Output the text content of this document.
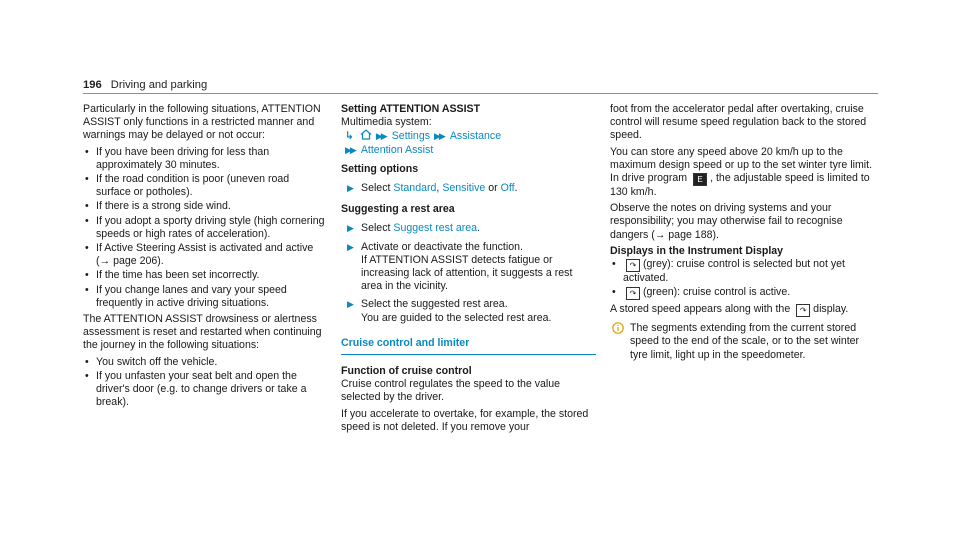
196 Driving and parking

Particularly in the following situations, ATTENTION ASSIST only functions in a restricted manner and warnings may be delayed or not occur:

• If you have been driving for less than approximately 30 minutes.
• If the road condition is poor (uneven road surface or potholes).
• If there is a strong side wind.
• If you adopt a sporty driving style (high cornering speeds or high rates of acceleration).
• If Active Steering Assist is activated and active (→ page 206).
• If the time has been set incorrectly.
• If you change lanes and vary your speed frequently in active driving situations.

The ATTENTION ASSIST drowsiness or alertness assessment is reset and restarted when continuing the journey in the following situations:

• You switch off the vehicle.
• If you unfasten your seat belt and open the driver's door (e.g. to change drivers or take a break).

Setting ATTENTION ASSIST

Multimedia system:

↳ ▶▶ Settings ▶▶ Assistance

▶▶ Attention Assist

Setting options

▶ Select Standard, Sensitive or Off.

Suggesting a rest area

▶ Select Suggest rest area.
▶ Activate or deactivate the function.
If ATTENTION ASSIST detects fatigue or increasing lack of attention, it suggests a rest area in the vicinity.
▶ Select the suggested rest area.
You are guided to the selected rest area.
Cruise control and limiter

Function of cruise control

Cruise control regulates the speed to the value selected by the driver.

If you accelerate to overtake, for example, the stored speed is not deleted. If you remove your

foot from the accelerator pedal after overtaking, cruise control will resume speed regulation back to the stored speed.

You can store any speed above 20 km/h up to the maximum design speed or up to the set winter tyre limit. In drive program E , the adjustable speed is limited to 130 km/h.

Observe the notes on driving systems and your responsibility; you may otherwise fail to recognise dangers (→ page 188).

Displays in the Instrument Display

• ↷ (grey): cruise control is selected but not yet activated.
• ↷ (green): cruise control is active.

A stored speed appears along with the ↷ display.

The segments extending from the current stored speed to the end of the scale, or to the set winter tyre limit, light up in the speedometer.
